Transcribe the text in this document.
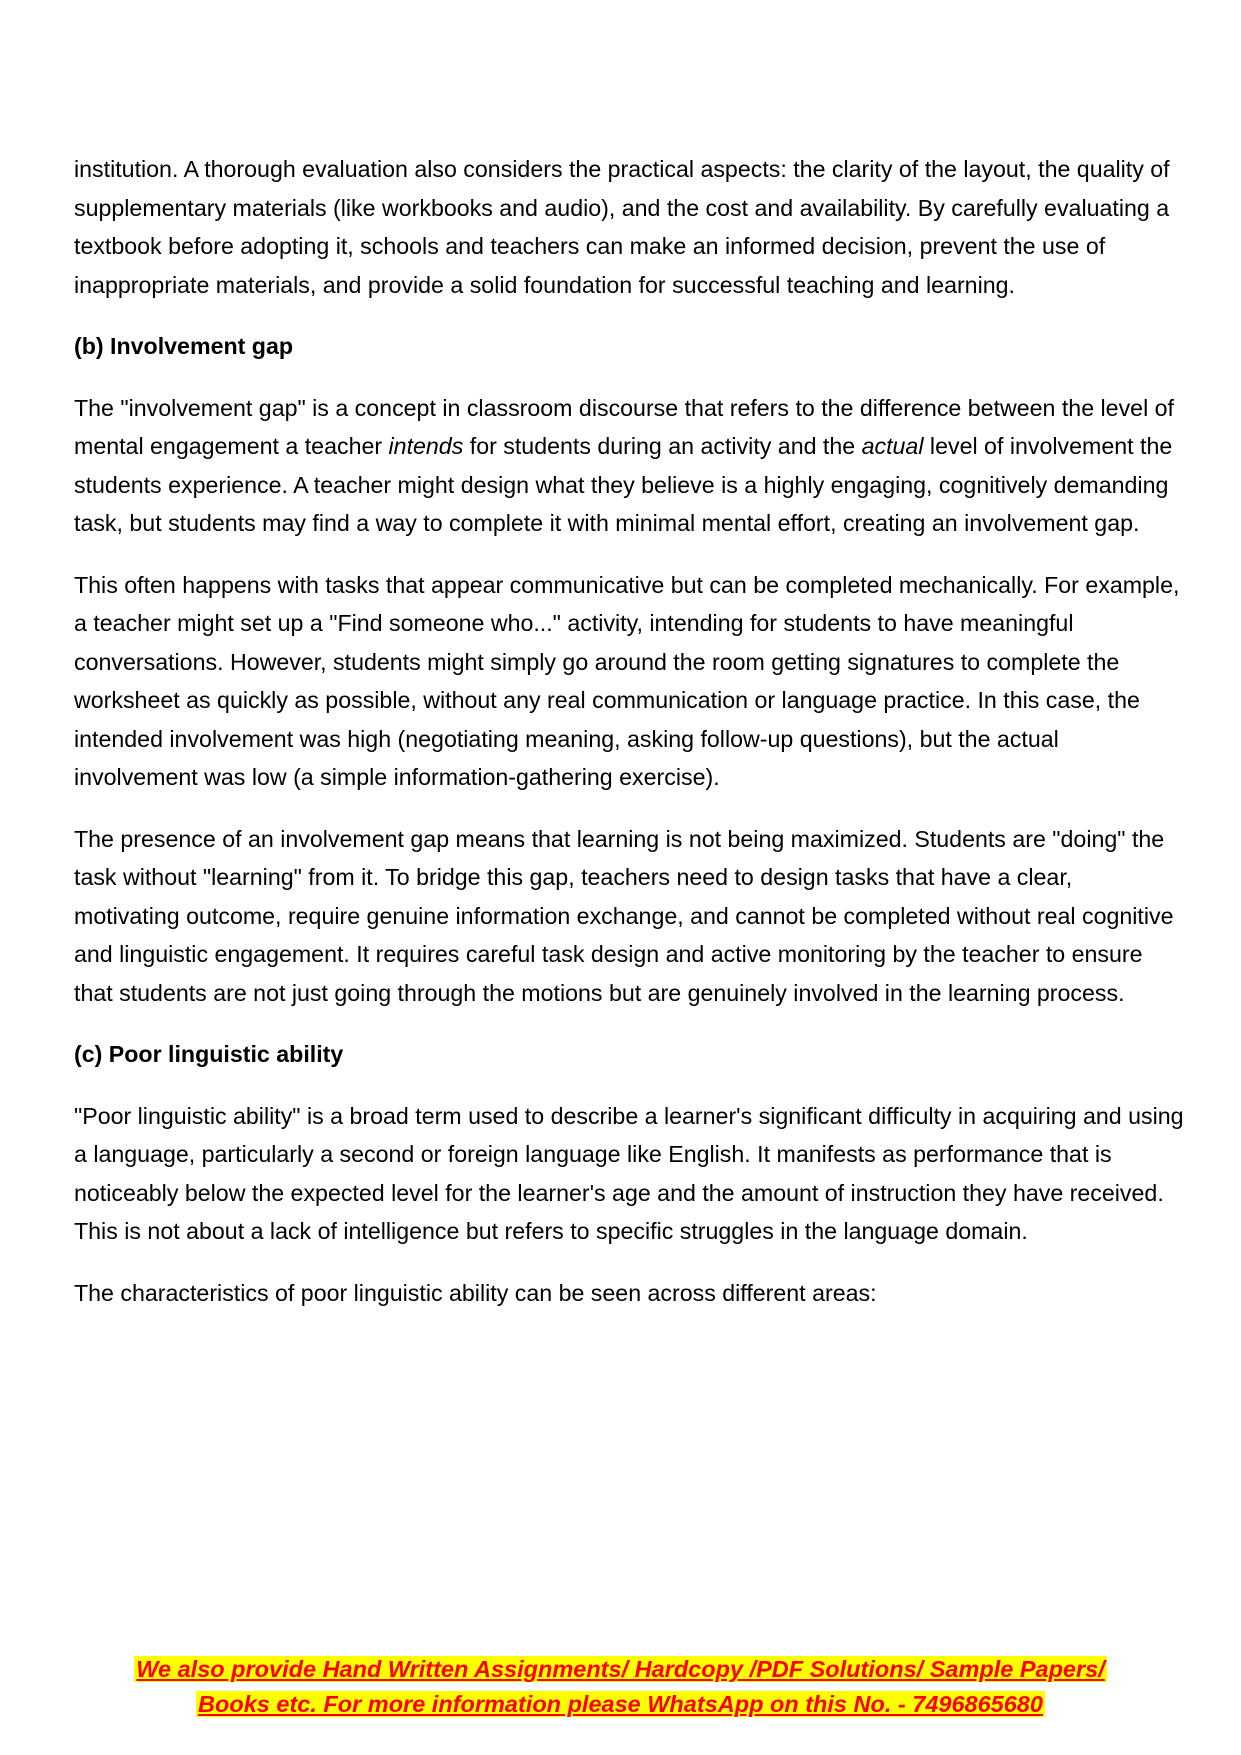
institution. A thorough evaluation also considers the practical aspects: the clarity of the layout, the quality of supplementary materials (like workbooks and audio), and the cost and availability. By carefully evaluating a textbook before adopting it, schools and teachers can make an informed decision, prevent the use of inappropriate materials, and provide a solid foundation for successful teaching and learning.

(b) Involvement gap

The "involvement gap" is a concept in classroom discourse that refers to the difference between the level of mental engagement a teacher intends for students during an activity and the actual level of involvement the students experience. A teacher might design what they believe is a highly engaging, cognitively demanding task, but students may find a way to complete it with minimal mental effort, creating an involvement gap.

This often happens with tasks that appear communicative but can be completed mechanically. For example, a teacher might set up a "Find someone who..." activity, intending for students to have meaningful conversations. However, students might simply go around the room getting signatures to complete the worksheet as quickly as possible, without any real communication or language practice. In this case, the intended involvement was high (negotiating meaning, asking follow-up questions), but the actual involvement was low (a simple information-gathering exercise).

The presence of an involvement gap means that learning is not being maximized. Students are "doing" the task without "learning" from it. To bridge this gap, teachers need to design tasks that have a clear, motivating outcome, require genuine information exchange, and cannot be completed without real cognitive and linguistic engagement. It requires careful task design and active monitoring by the teacher to ensure that students are not just going through the motions but are genuinely involved in the learning process.

(c) Poor linguistic ability

"Poor linguistic ability" is a broad term used to describe a learner's significant difficulty in acquiring and using a language, particularly a second or foreign language like English. It manifests as performance that is noticeably below the expected level for the learner's age and the amount of instruction they have received. This is not about a lack of intelligence but refers to specific struggles in the language domain.

The characteristics of poor linguistic ability can be seen across different areas:

We also provide Hand Written Assignments/ Hardcopy /PDF Solutions/ Sample Papers/
Books etc. For more information please WhatsApp on this No. - 7496865680
